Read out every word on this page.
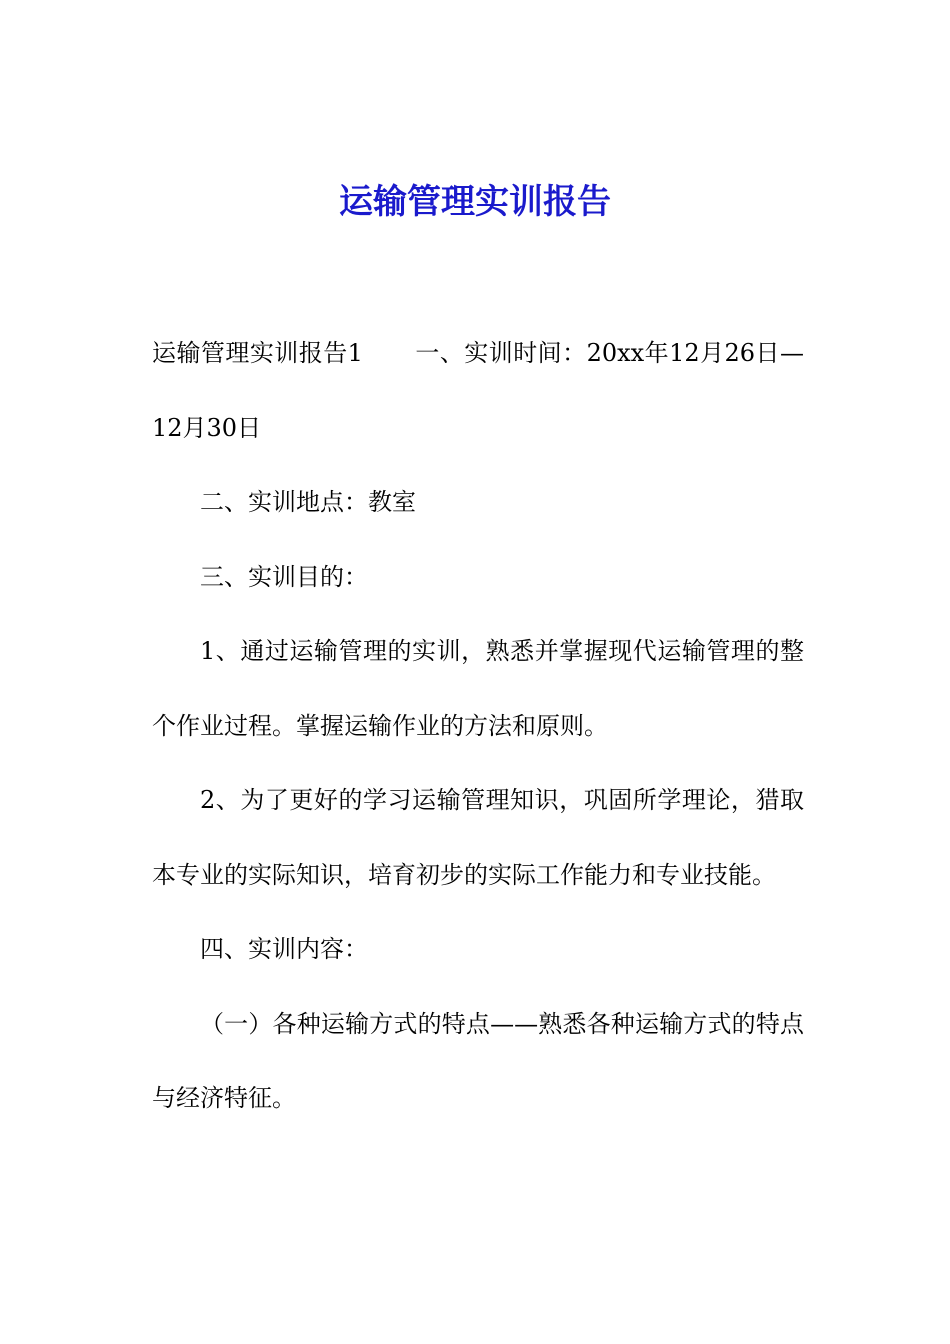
运输管理实训报告

运输管理实训报告1 一、实训时间：20xx年12月26日—12月30日

二、实训地点：教室

三、实训目的：

1、通过运输管理的实训，熟悉并掌握现代运输管理的整个作业过程。掌握运输作业的方法和原则。

2、为了更好的学习运输管理知识，巩固所学理论，猎取本专业的实际知识，培育初步的实际工作能力和专业技能。

四、实训内容：

（一）各种运输方式的特点——熟悉各种运输方式的特点与经济特征。
